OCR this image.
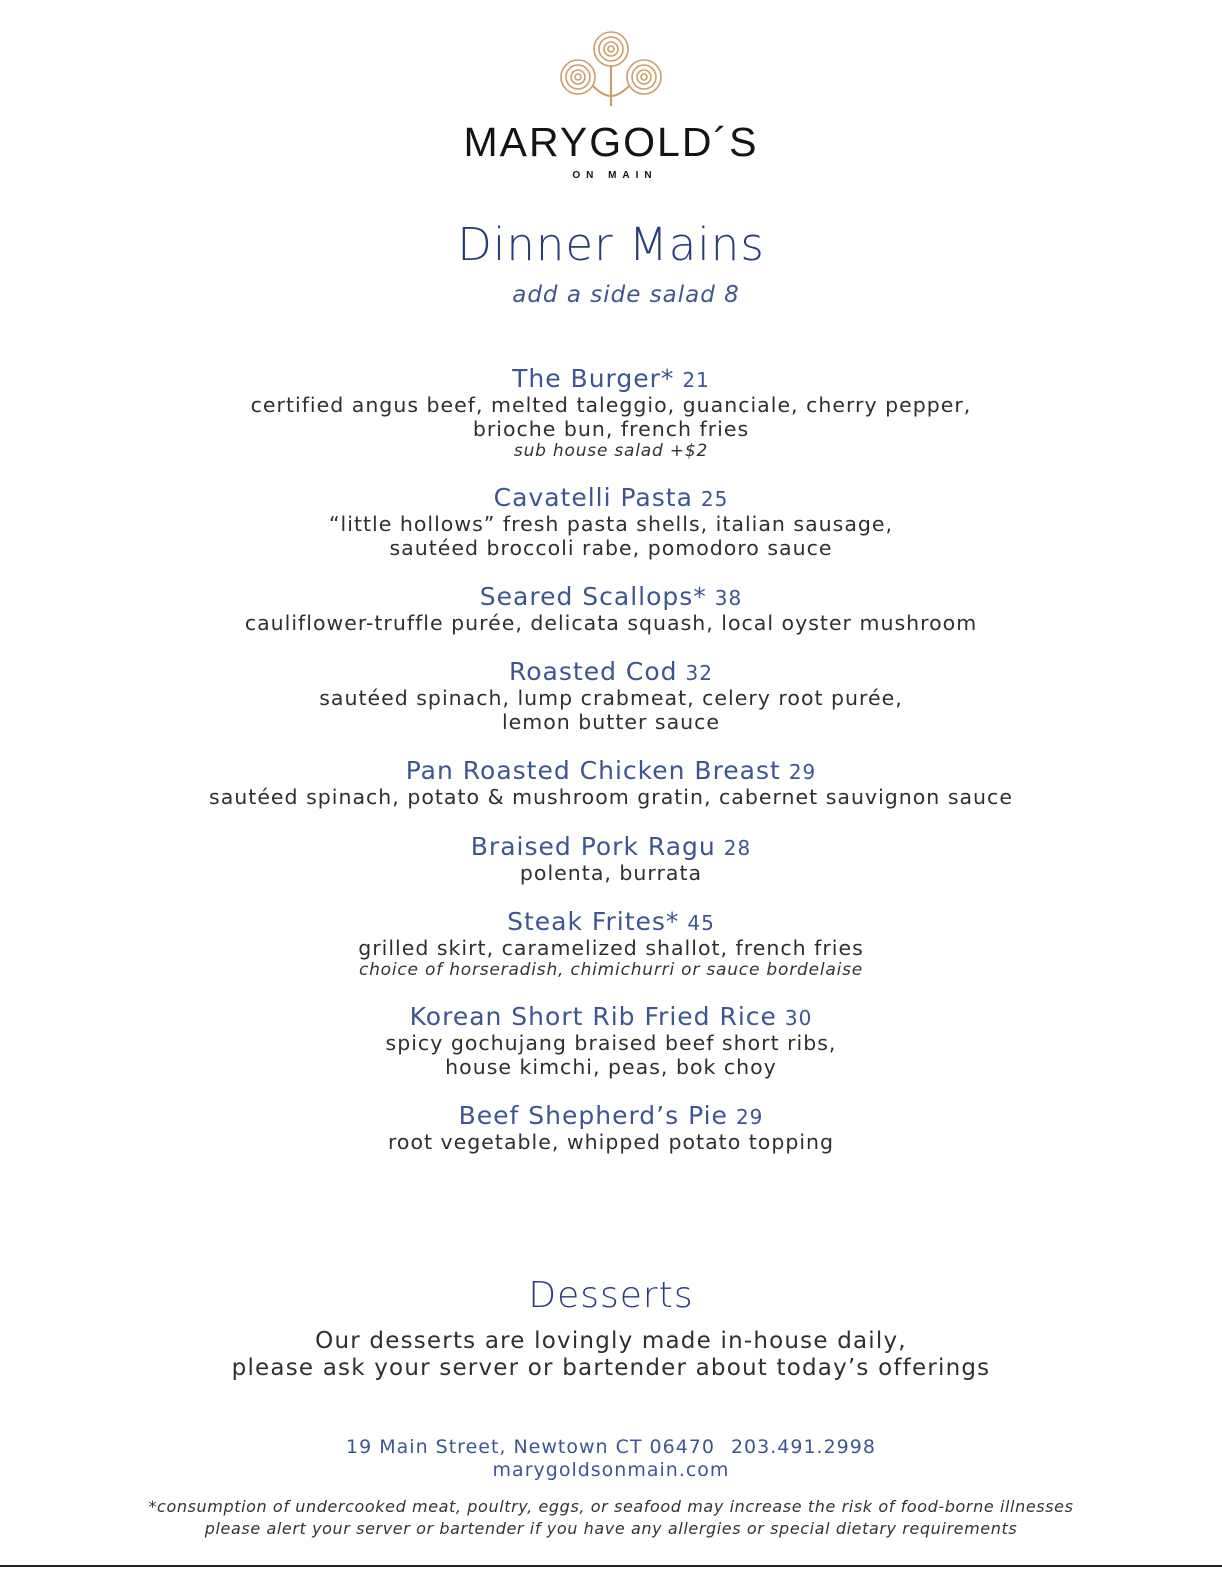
MARYGOLD´S
ON MAIN
Dinner Mains
add a side salad 8
The Burger* 21
certified angus beef, melted taleggio, guanciale, cherry pepper,
brioche bun, french fries
sub house salad +$2
Cavatelli Pasta 25
“little hollows” fresh pasta shells, italian sausage,
sautéed broccoli rabe, pomodoro sauce
Seared Scallops* 38
cauliflower-truffle purée, delicata squash, local oyster mushroom
Roasted Cod 32
sautéed spinach, lump crabmeat, celery root purée,
lemon butter sauce
Pan Roasted Chicken Breast 29
sautéed spinach, potato & mushroom gratin, cabernet sauvignon sauce
Braised Pork Ragu 28
polenta, burrata
Steak Frites* 45
grilled skirt, caramelized shallot, french fries
choice of horseradish, chimichurri or sauce bordelaise
Korean Short Rib Fried Rice 30
spicy gochujang braised beef short ribs,
house kimchi, peas, bok choy
Beef Shepherd’s Pie 29
root vegetable, whipped potato topping
Desserts
Our desserts are lovingly made in-house daily,
please ask your server or bartender about today’s offerings
19 Main Street, Newtown CT 06470 203.491.2998
marygoldsonmain.com
*consumption of undercooked meat, poultry, eggs, or seafood may increase the risk of food-borne illnesses
please alert your server or bartender if you have any allergies or special dietary requirements
